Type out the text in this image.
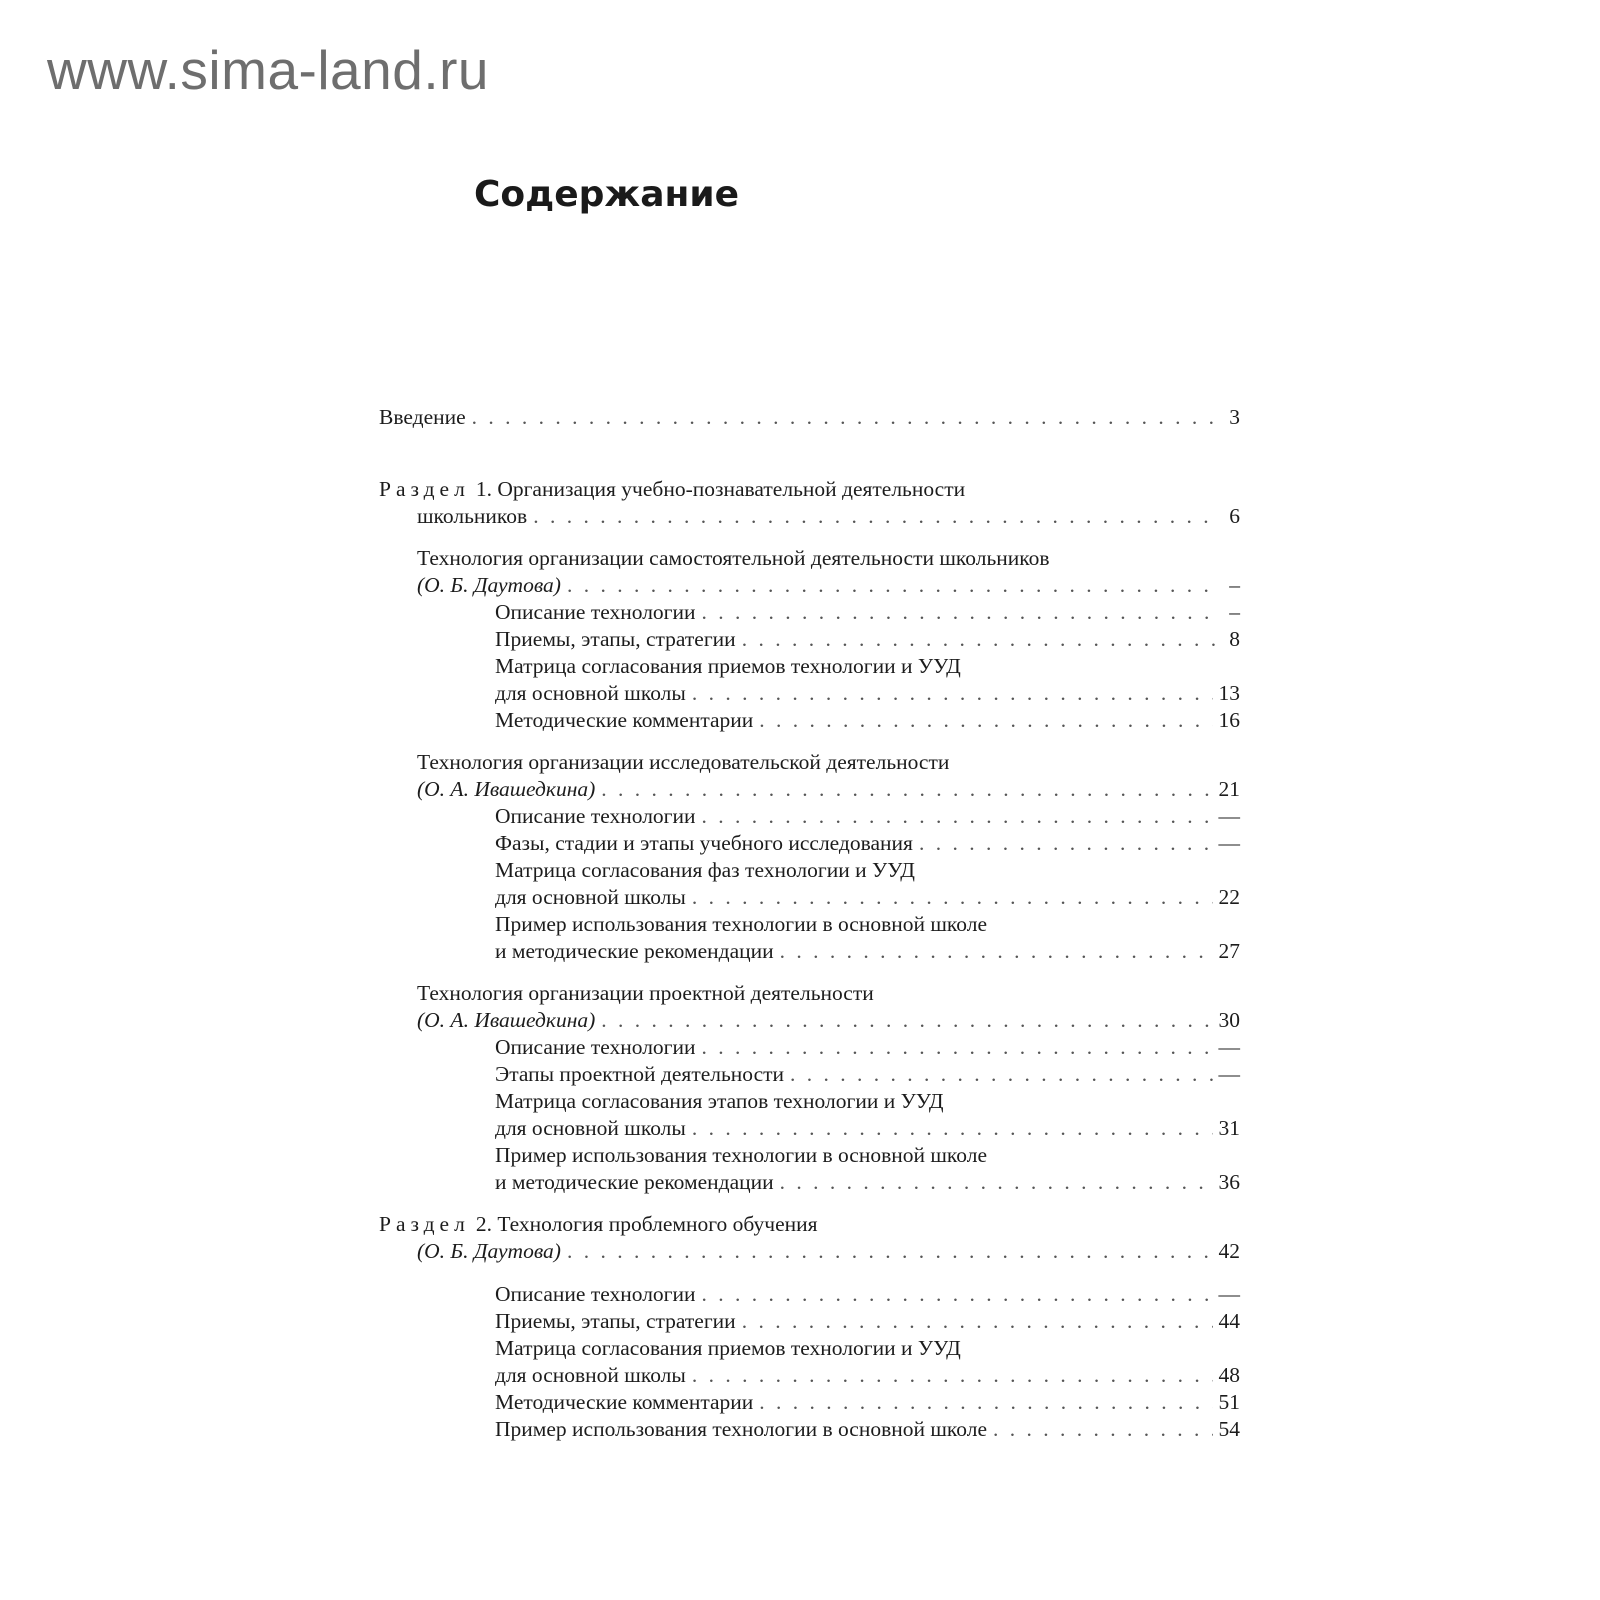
www.sima-land.ru
Содержание
Введение . . .	3
Раздел 1. Организация учебно-познавательной деятельности
школьников . . .	6
Технология организации самостоятельной деятельности школьников
(О. Б. Даутова) . . .	–
Описание технологии . . .	–
Приемы, этапы, стратегии . . .	8
Матрица согласования приемов технологии и УУД
для основной школы . . .	13
Методические комментарии . . .	16
Технология организации исследовательской деятельности
(О. А. Ивашедкина) . . .	21
Описание технологии . . .	—
Фазы, стадии и этапы учебного исследования . . .	—
Матрица согласования фаз технологии и УУД
для основной школы . . .	22
Пример использования технологии в основной школе
и методические рекомендации . . .	27
Технология организации проектной деятельности
(О. А. Ивашедкина) . . .	30
Описание технологии . . .	—
Этапы проектной деятельности . . .	—
Матрица согласования этапов технологии и УУД
для основной школы . . .	31
Пример использования технологии в основной школе
и методические рекомендации . . .	36
Раздел 2. Технология проблемного обучения
(О. Б. Даутова) . . .	42
Описание технологии . . .	—
Приемы, этапы, стратегии . . .	44
Матрица согласования приемов технологии и УУД
для основной школы . . .	48
Методические комментарии . . .	51
Пример использования технологии в основной школе . . .	54
